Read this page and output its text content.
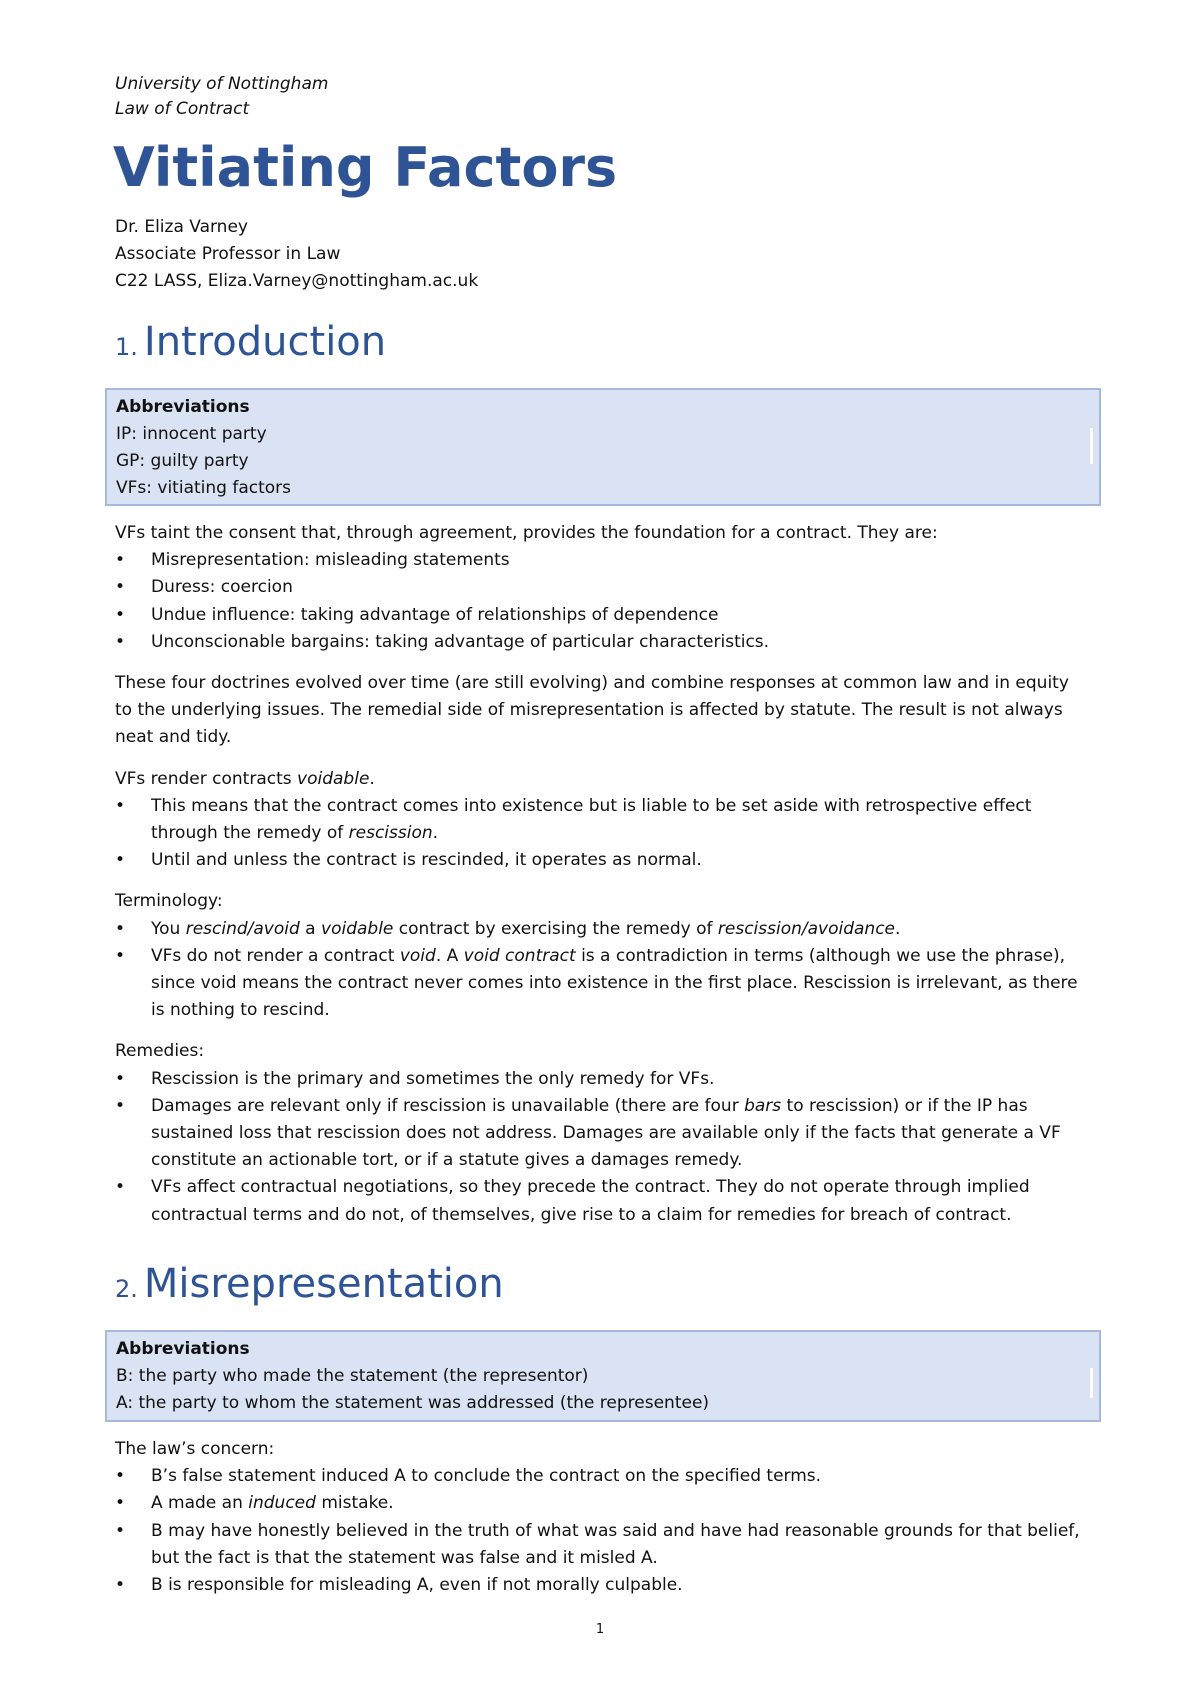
University of Nottingham
Law of Contract
Vitiating Factors
Dr. Eliza Varney
Associate Professor in Law
C22 LASS, Eliza.Varney@nottingham.ac.uk
1. Introduction
Abbreviations
IP: innocent party
GP: guilty party
VFs: vitiating factors

VFs taint the consent that, through agreement, provides the foundation for a contract. They are:

• Misrepresentation: misleading statements
• Duress: coercion
• Undue influence: taking advantage of relationships of dependence
• Unconscionable bargains: taking advantage of particular characteristics.

These four doctrines evolved over time (are still evolving) and combine responses at common law and in equity to the underlying issues. The remedial side of misrepresentation is affected by statute. The result is not always neat and tidy.

VFs render contracts voidable.

• This means that the contract comes into existence but is liable to be set aside with retrospective effect through the remedy of rescission.
• Until and unless the contract is rescinded, it operates as normal.

Terminology:

• You rescind/avoid a voidable contract by exercising the remedy of rescission/avoidance.
• VFs do not render a contract void. A void contract is a contradiction in terms (although we use the phrase), since void means the contract never comes into existence in the first place. Rescission is irrelevant, as there is nothing to rescind.

Remedies:

• Rescission is the primary and sometimes the only remedy for VFs.
• Damages are relevant only if rescission is unavailable (there are four bars to rescission) or if the IP has sustained loss that rescission does not address. Damages are available only if the facts that generate a VF constitute an actionable tort, or if a statute gives a damages remedy.
• VFs affect contractual negotiations, so they precede the contract. They do not operate through implied contractual terms and do not, of themselves, give rise to a claim for remedies for breach of contract.
2. Misrepresentation
Abbreviations
B: the party who made the statement (the representor)
A: the party to whom the statement was addressed (the representee)

The law’s concern:

• B’s false statement induced A to conclude the contract on the specified terms.
• A made an induced mistake.
• B may have honestly believed in the truth of what was said and have had reasonable grounds for that belief, but the fact is that the statement was false and it misled A.
• B is responsible for misleading A, even if not morally culpable.
1
